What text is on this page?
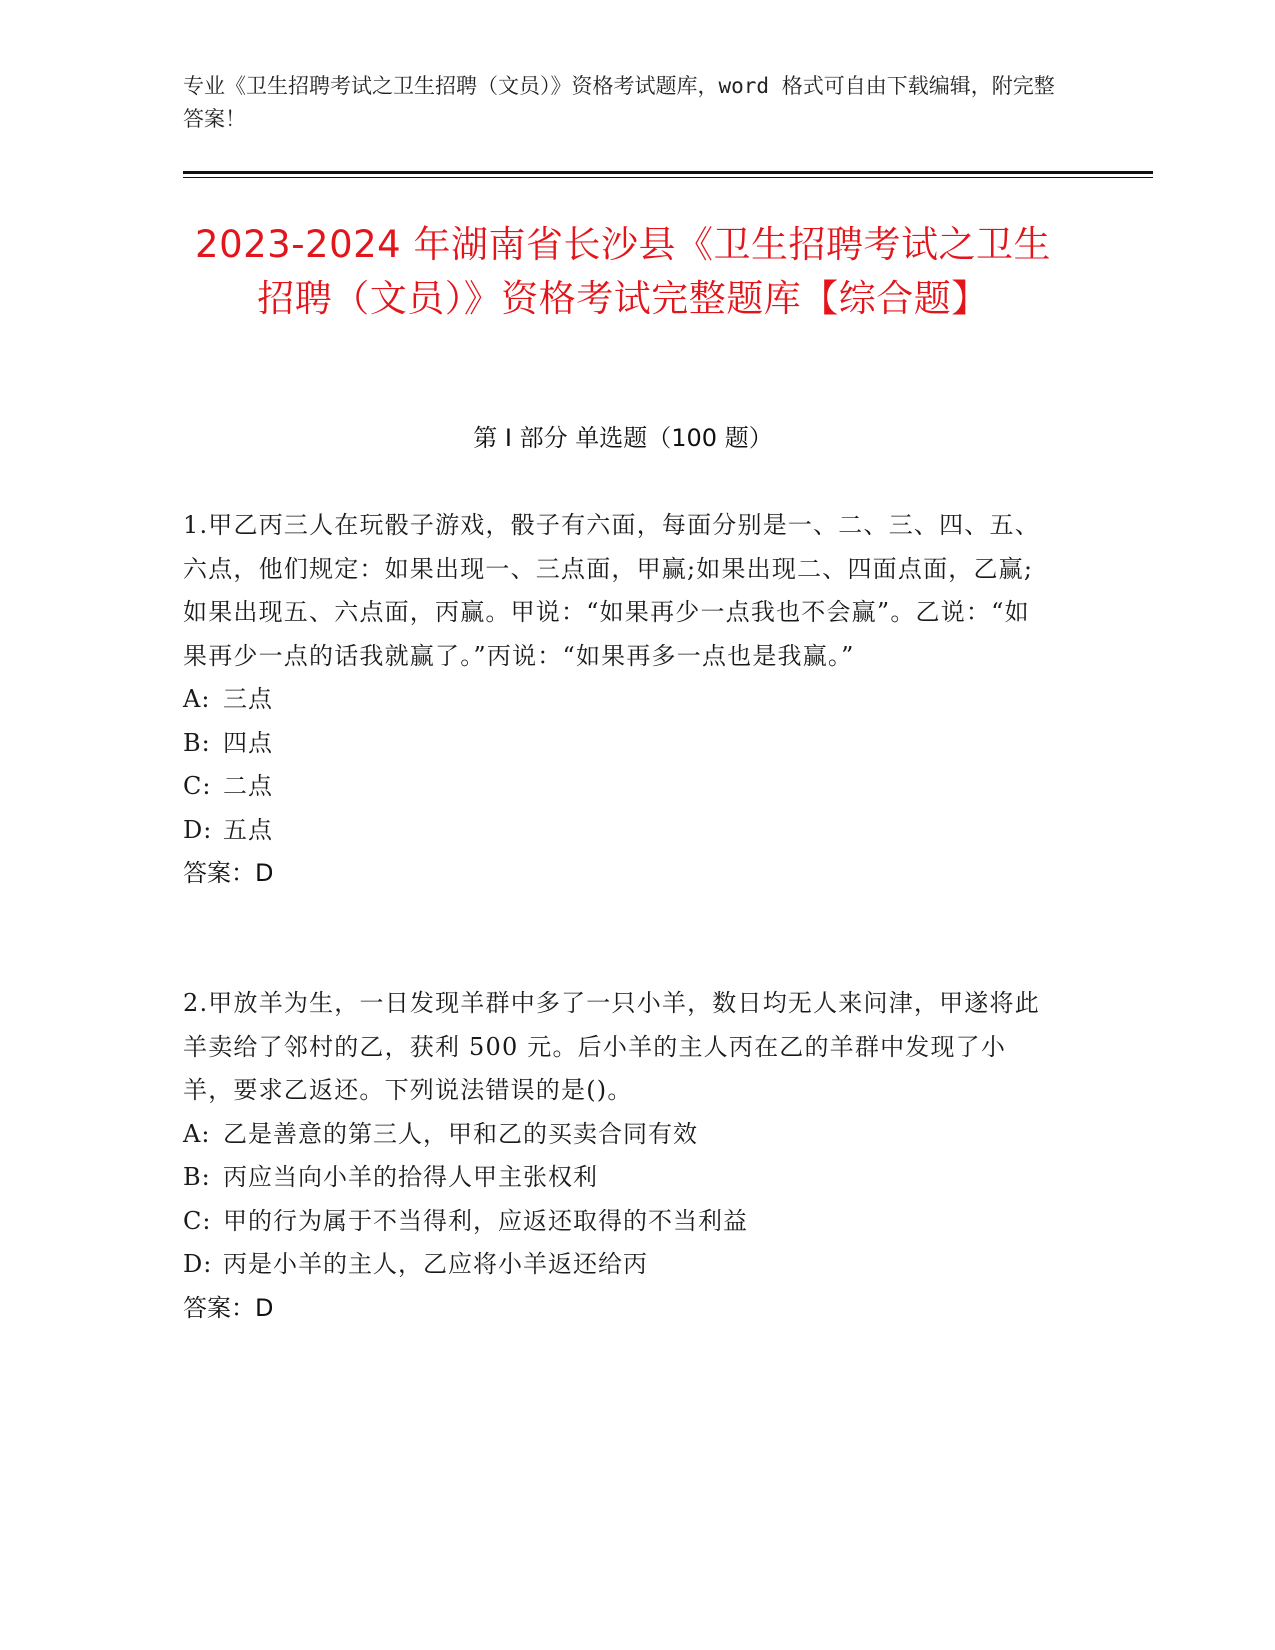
专业《卫生招聘考试之卫生招聘（文员）》资格考试题库，word 格式可自由下载编辑，附完整答案！
2023-2024 年湖南省长沙县《卫生招聘考试之卫生招聘（文员）》资格考试完整题库【综合题】
第 I 部分 单选题（100 题）
1.甲乙丙三人在玩骰子游戏，骰子有六面，每面分别是一、二、三、四、五、六点，他们规定：如果出现一、三点面，甲赢;如果出现二、四面点面，乙赢;如果出现五、六点面，丙赢。甲说：“如果再少一点我也不会赢”。乙说：“如果再少一点的话我就赢了。”丙说：“如果再多一点也是我赢。”
A: 三点
B: 四点
C: 二点
D: 五点
答案：D
2.甲放羊为生，一日发现羊群中多了一只小羊，数日均无人来问津，甲遂将此羊卖给了邻村的乙，获利 500 元。后小羊的主人丙在乙的羊群中发现了小羊，要求乙返还。下列说法错误的是()。
A: 乙是善意的第三人，甲和乙的买卖合同有效
B: 丙应当向小羊的拾得人甲主张权利
C: 甲的行为属于不当得利，应返还取得的不当利益
D: 丙是小羊的主人，乙应将小羊返还给丙
答案：D
